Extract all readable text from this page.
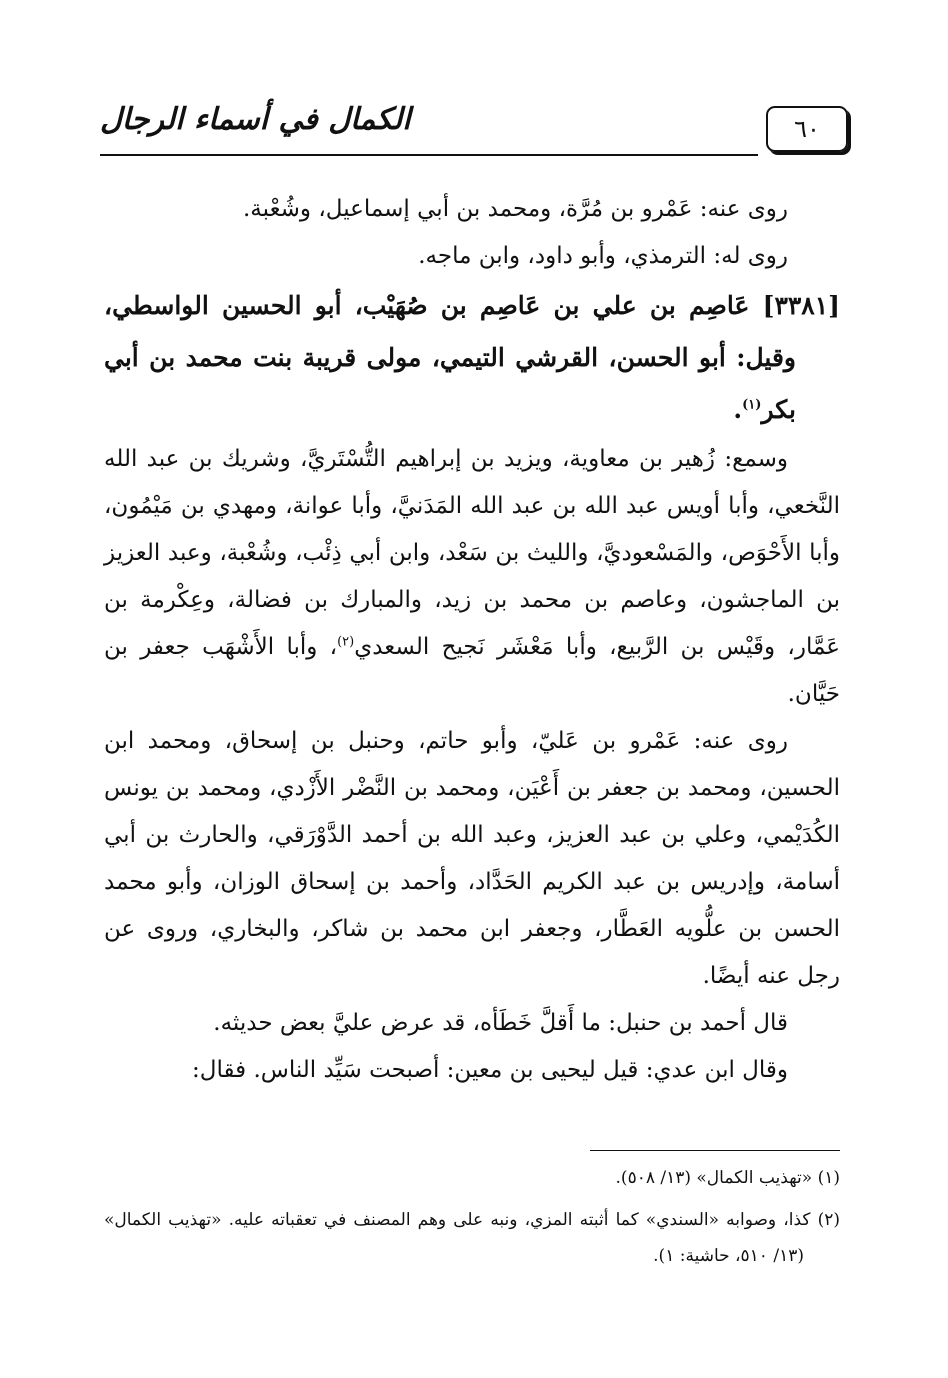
الكمال في أسماء الرجال	٦٠

روى عنه: عَمْرو بن مُرَّة، ومحمد بن أبي إسماعيل، وشُعْبة.

روى له: الترمذي، وأبو داود، وابن ماجه.

[٣٣٨١] عَاصِم بن علي بن عَاصِم بن صُهَيْب، أبو الحسين الواسطي، وقيل: أبو الحسن، القرشي التيمي، مولى قريبة بنت محمد بن أبي بكر$^{(١)}$.

وسمع: زُهير بن معاوية، ويزيد بن إبراهيم التُّسْتَريَّ، وشريك بن عبد الله النَّخعي، وأبا أويس عبد الله بن عبد الله المَدَنيَّ، وأبا عوانة، ومهدي بن مَيْمُون، وأبا الأَحْوَص، والمَسْعوديَّ، والليث بن سَعْد، وابن أبي ذِئْب، وشُعْبة، وعبد العزيز بن الماجشون، وعاصم بن محمد بن زيد، والمبارك بن فضالة، وعِكْرمة بن عَمَّار، وقَيْس بن الرَّبيع، وأبا مَعْشَر نَجيح السعدي$^{(٢)}$، وأبا الأَشْهَب جعفر بن حَيَّان.

روى عنه: عَمْرو بن عَليّ، وأبو حاتم، وحنبل بن إسحاق، ومحمد ابن الحسين، ومحمد بن جعفر بن أَعْيَن، ومحمد بن النَّضْر الأَزْدي، ومحمد بن يونس الكُدَيْمي، وعلي بن عبد العزيز، وعبد الله بن أحمد الدَّوْرَقي، والحارث بن أبي أسامة، وإدريس بن عبد الكريم الحَدَّاد، وأحمد بن إسحاق الوزان، وأبو محمد الحسن بن علُّويه العَطَّار، وجعفر ابن محمد بن شاكر، والبخاري، وروى عن رجل عنه أيضًا.

قال أحمد بن حنبل: ما أَقلَّ خَطَأه، قد عرض عليَّ بعض حديثه.

وقال ابن عدي: قيل ليحيى بن معين: أصبحت سَيِّد الناس. فقال:

(١) «تهذيب الكمال» (١٣/ ٥٠٨).

(٢) كذا، وصوابه «السندي» كما أثبته المزي، ونبه على وهم المصنف في تعقباته عليه. «تهذيب الكمال» (١٣/ ٥١٠، حاشية: ١).
